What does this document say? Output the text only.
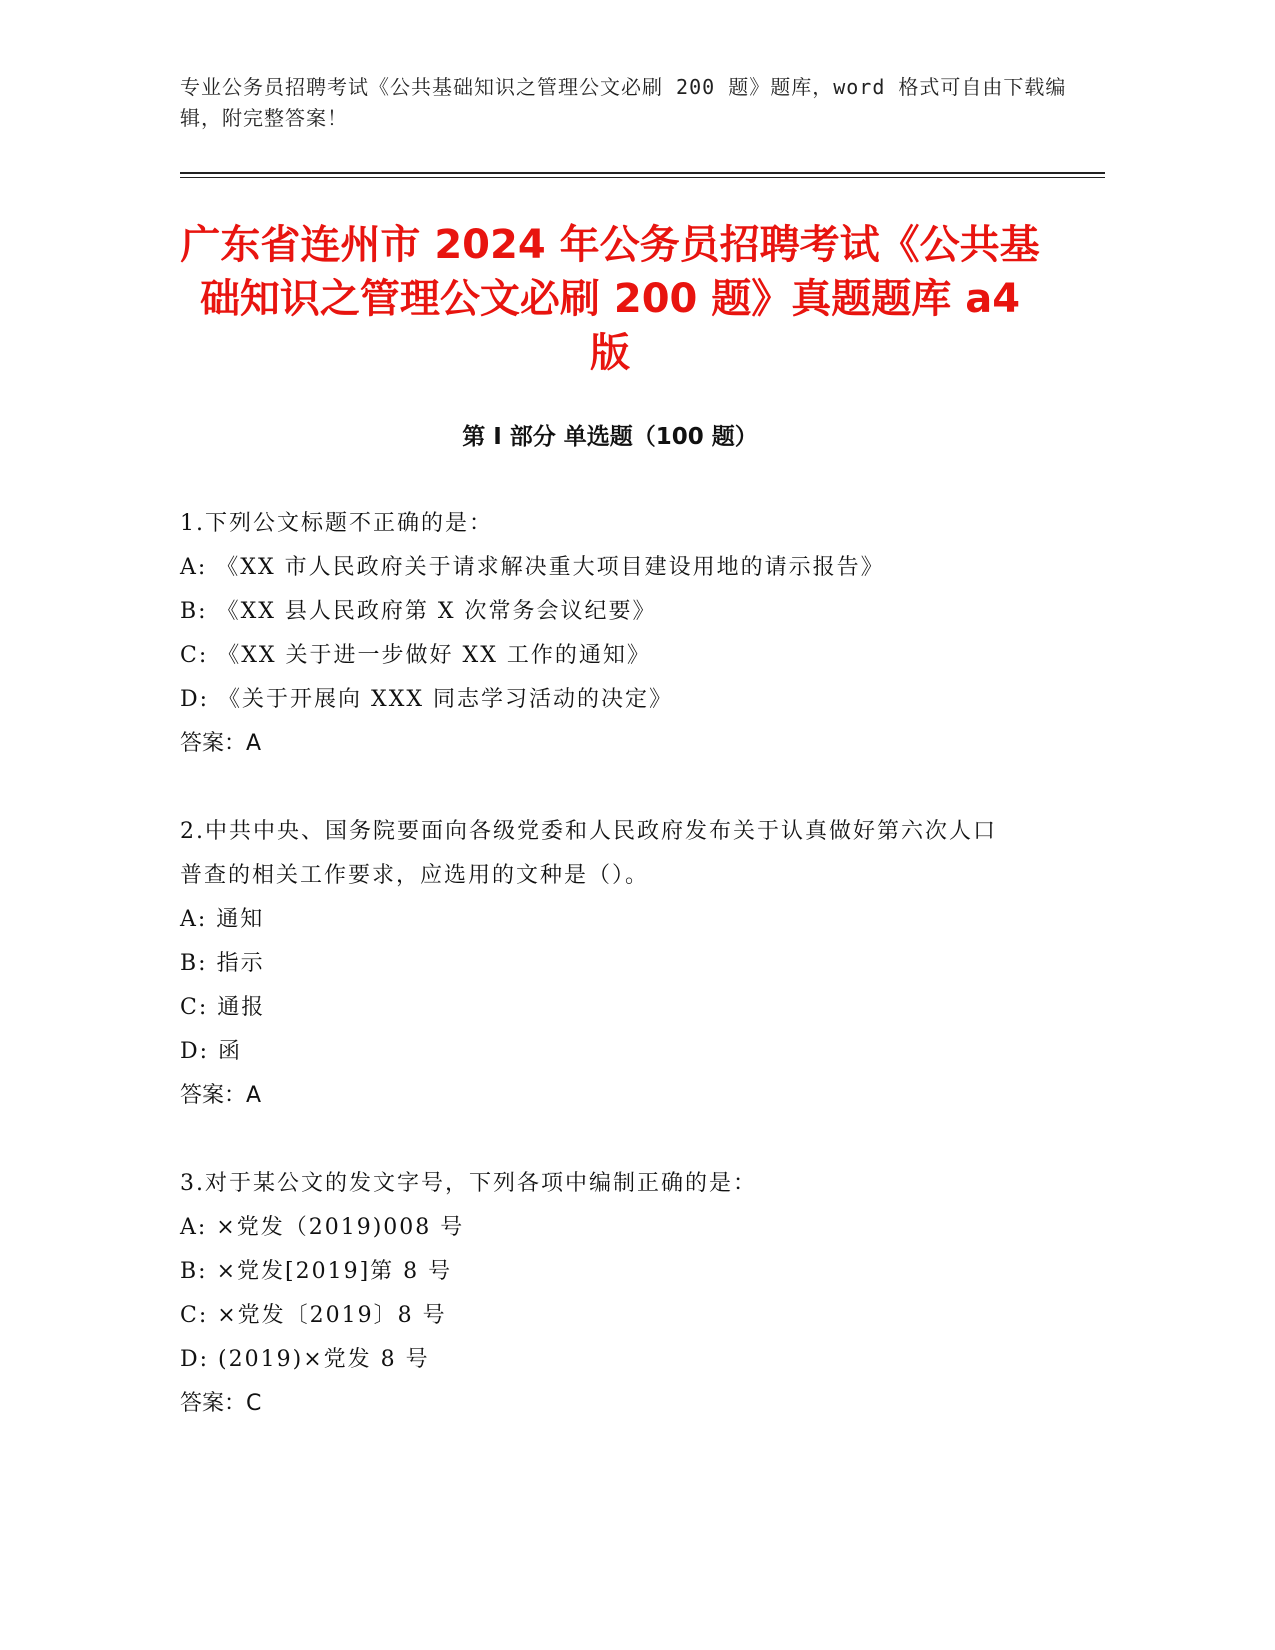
专业公务员招聘考试《公共基础知识之管理公文必刷 200 题》题库，word 格式可自由下载编辑，附完整答案！
广东省连州市 2024 年公务员招聘考试《公共基础知识之管理公文必刷 200 题》真题题库 a4 版
第 I 部分 单选题（100 题）

1.下列公文标题不正确的是：

A: 《XX 市人民政府关于请求解决重大项目建设用地的请示报告》

B: 《XX 县人民政府第 X 次常务会议纪要》

C: 《XX 关于进一步做好 XX 工作的通知》

D: 《关于开展向 XXX 同志学习活动的决定》

答案：A

2.中共中央、国务院要面向各级党委和人民政府发布关于认真做好第六次人口普查的相关工作要求，应选用的文种是（）。

A: 通知

B: 指示

C: 通报

D: 函

答案：A

3.对于某公文的发文字号，下列各项中编制正确的是：

A: ×党发（2019)008 号

B: ×党发[2019]第 8 号

C: ×党发〔2019〕8 号

D: (2019)×党发 8 号

答案：C
